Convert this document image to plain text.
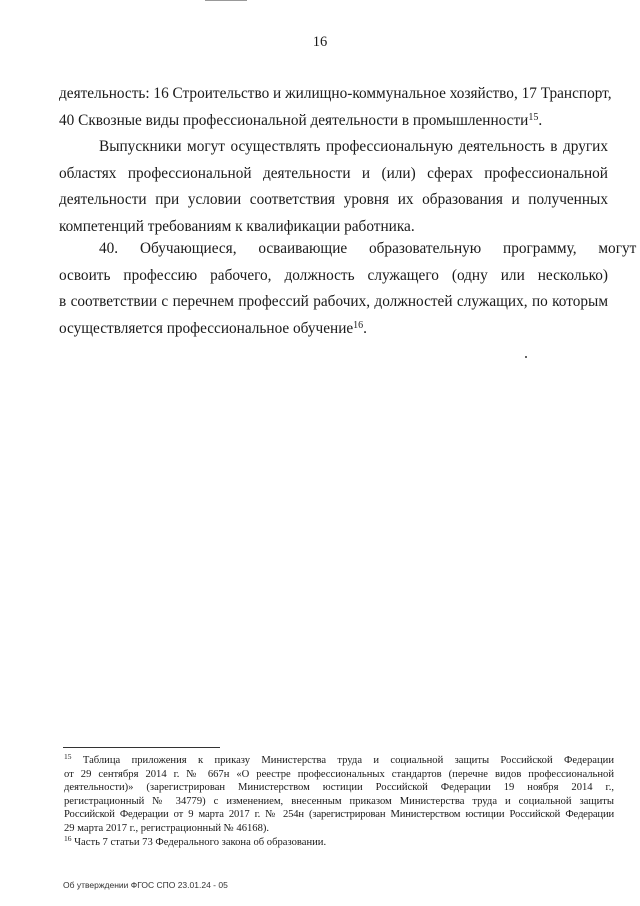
16
деятельность: 16 Строительство и жилищно-коммунальное хозяйство, 17 Транспорт,
40 Сквозные виды профессиональной деятельности в промышленности$^{15}$.
Выпускники могут осуществлять профессиональную деятельность в других
областях профессиональной деятельности и (или) сферах профессиональной
деятельности при условии соответствия уровня их образования и полученных
компетенций требованиям к квалификации работника.
40. Обучающиеся, осваивающие образовательную программу, могут
освоить профессию рабочего, должность служащего (одну или несколько)
в соответствии с перечнем профессий рабочих, должностей служащих, по которым
осуществляется профессиональное обучение$^{16}$.
$^{15}$ Таблица приложения к приказу Министерства труда и социальной защиты Российской Федерации
от 29 сентября 2014 г. № 667н «О реестре профессиональных стандартов (перечне видов профессиональной
деятельности)» (зарегистрирован Министерством юстиции Российской Федерации 19 ноября 2014 г.,
регистрационный № 34779) с изменением, внесенным приказом Министерства труда и социальной защиты
Российской Федерации от 9 марта 2017 г. № 254н (зарегистрирован Министерством юстиции Российской Федерации
29 марта 2017 г., регистрационный № 46168).
$^{16}$ Часть 7 статьи 73 Федерального закона об образовании.
Об утверждении ФГОС СПО 23.01.24 - 05
